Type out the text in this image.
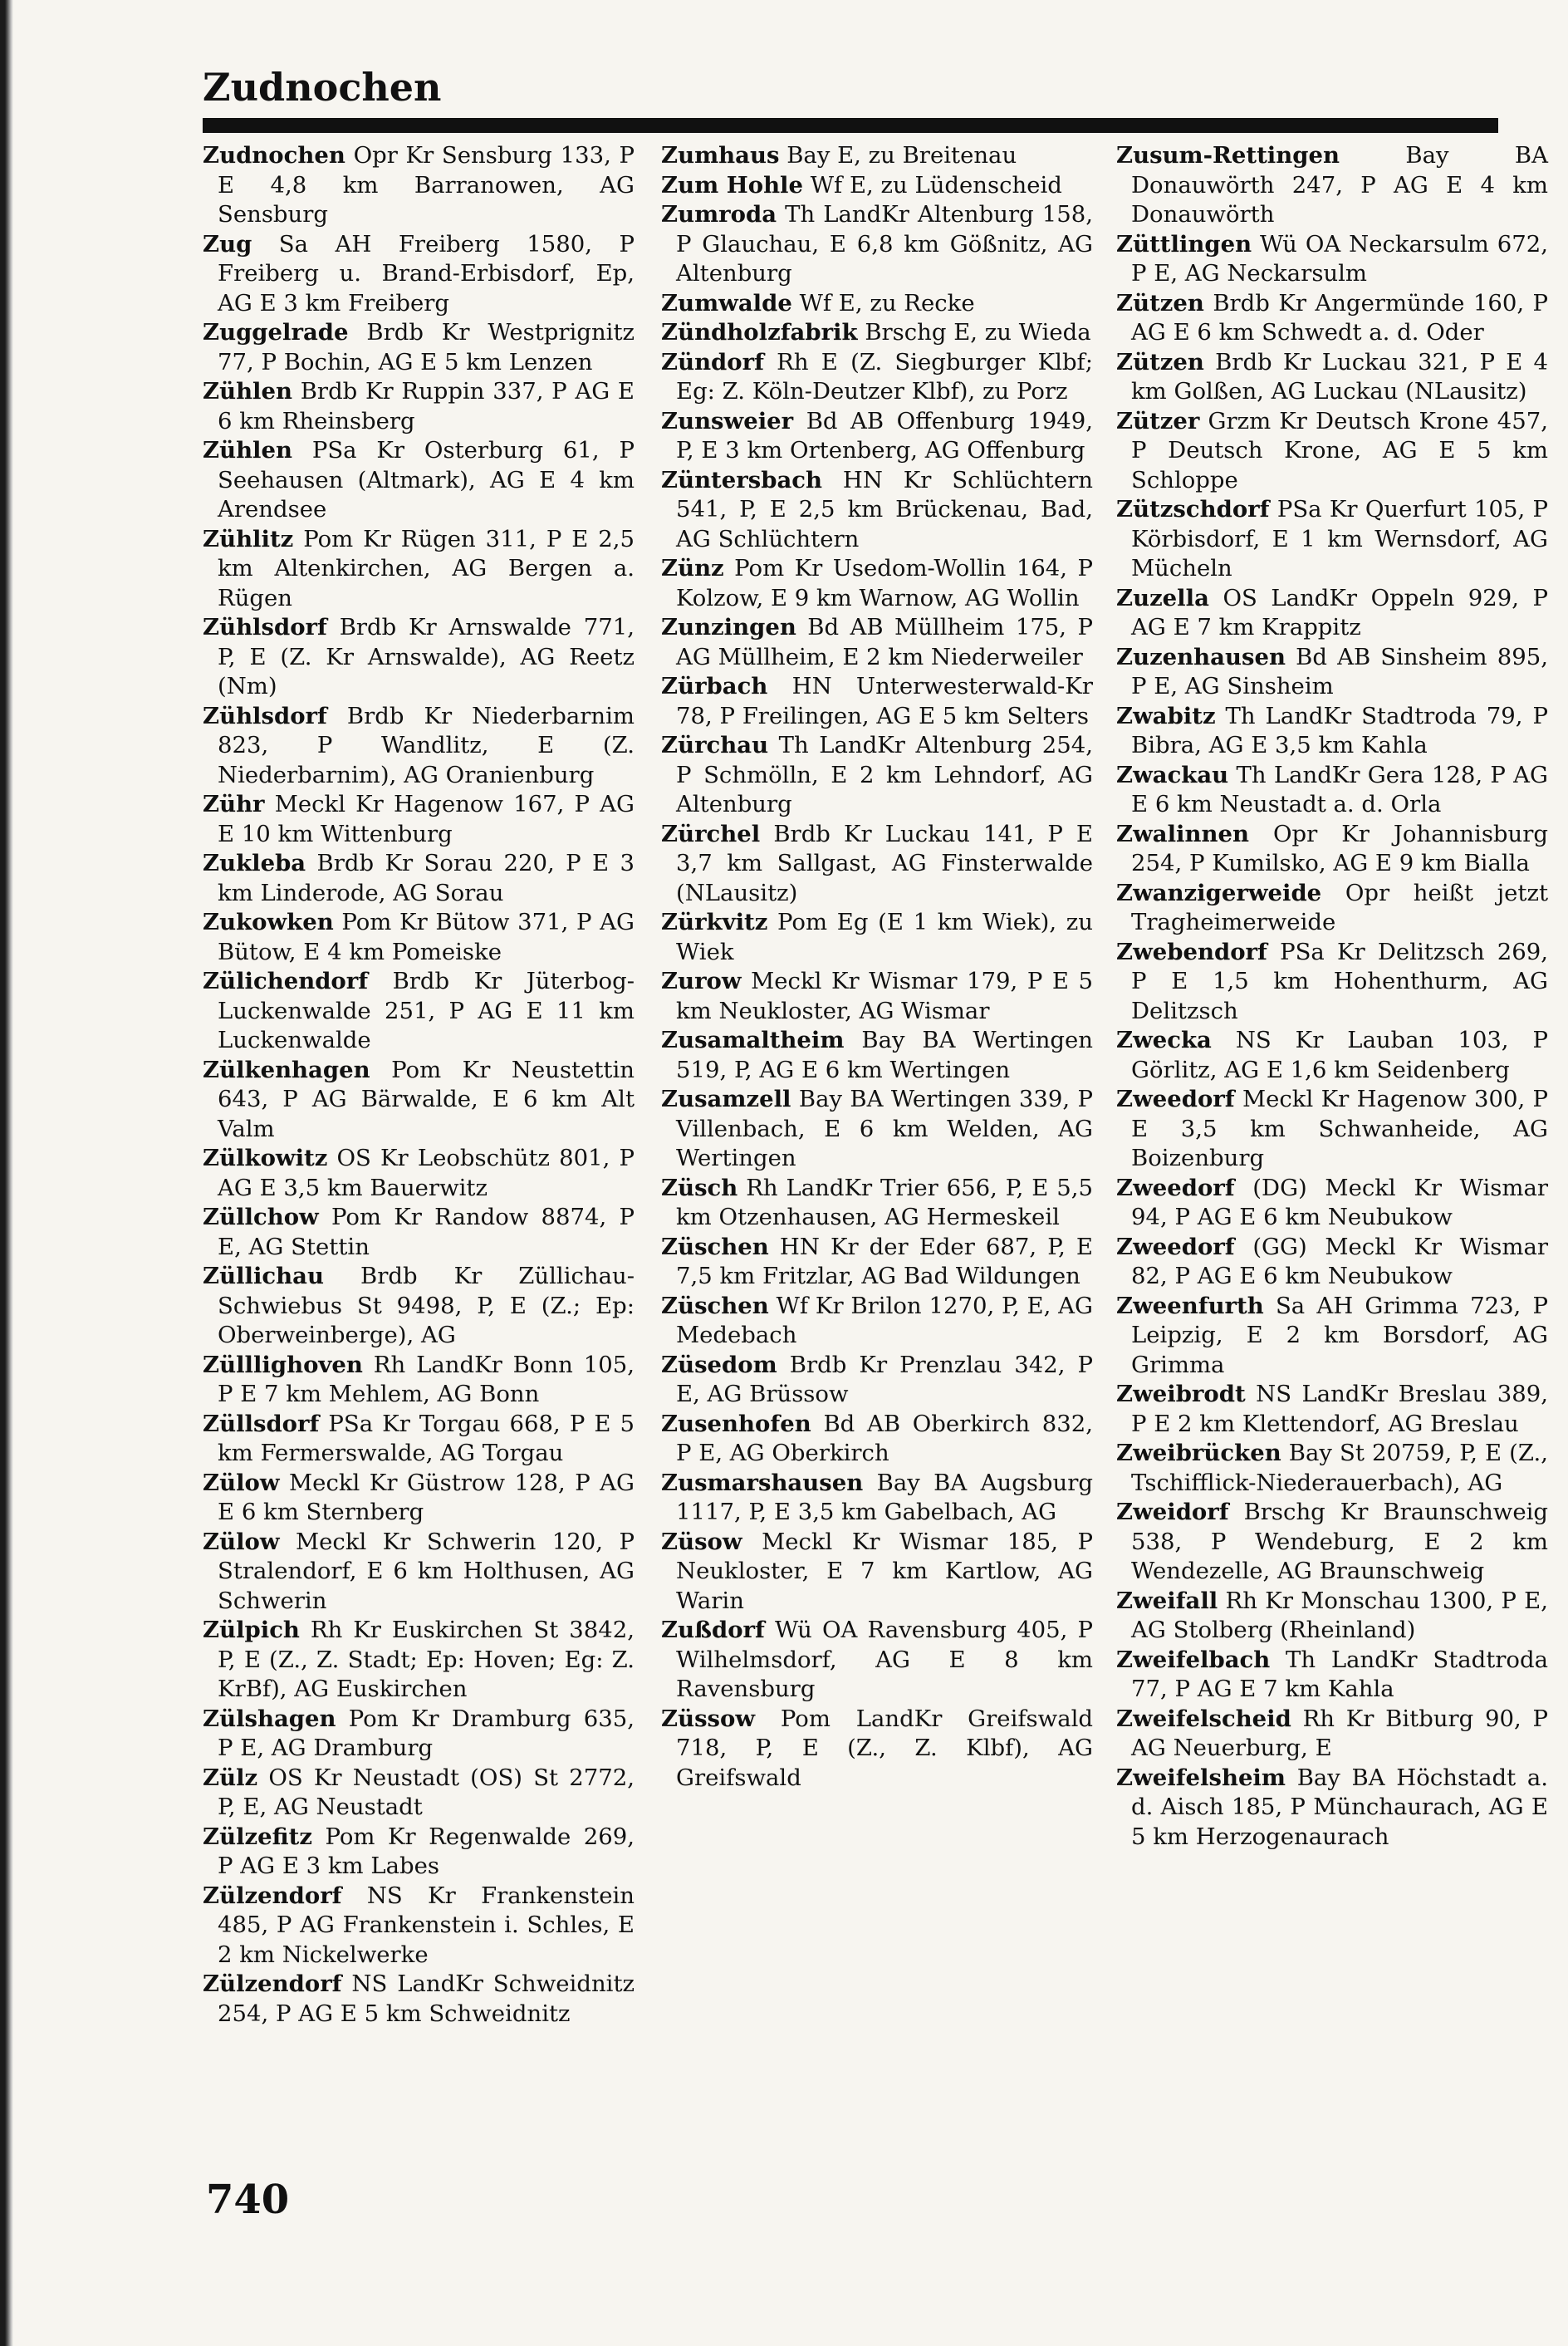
Zudnochen
Zudnochen Opr Kr Sensburg 133, P E 4,8 km Barranowen, AG Sensburg
Zug Sa AH Freiberg 1580, P Freiberg u. Brand-Erbisdorf, Ep, AG E 3 km Freiberg
Zuggelrade Brdb Kr Westprignitz 77, P Bochin, AG E 5 km Lenzen
Zühlen Brdb Kr Ruppin 337, P AG E 6 km Rheinsberg
Zühlen PSa Kr Osterburg 61, P Seehausen (Altmark), AG E 4 km Arendsee
Zühlitz Pom Kr Rügen 311, P E 2,5 km Altenkirchen, AG Bergen a. Rügen
Zühlsdorf Brdb Kr Arnswalde 771, P, E (Z. Kr Arnswalde), AG Reetz (Nm)
Zühlsdorf Brdb Kr Niederbarnim 823, P Wandlitz, E (Z. Niederbarnim), AG Oranienburg
Zühr Meckl Kr Hagenow 167, P AG E 10 km Wittenburg
Zukleba Brdb Kr Sorau 220, P E 3 km Linderode, AG Sorau
Zukowken Pom Kr Bütow 371, P AG Bütow, E 4 km Pomeiske
Zülichendorf Brdb Kr Jüterbog-Luckenwalde 251, P AG E 11 km Luckenwalde
Zülkenhagen Pom Kr Neustettin 643, P AG Bärwalde, E 6 km Alt Valm
Zülkowitz OS Kr Leobschütz 801, P AG E 3,5 km Bauerwitz
Züllchow Pom Kr Randow 8874, P E, AG Stettin
Züllichau Brdb Kr Züllichau-Schwiebus St 9498, P, E (Z.; Ep: Oberweinberge), AG
Zülllighoven Rh LandKr Bonn 105, P E 7 km Mehlem, AG Bonn
Züllsdorf PSa Kr Torgau 668, P E 5 km Fermerswalde, AG Torgau
Zülow Meckl Kr Güstrow 128, P AG E 6 km Sternberg
Zülow Meckl Kr Schwerin 120, P Stralendorf, E 6 km Holthusen, AG Schwerin
Zülpich Rh Kr Euskirchen St 3842, P, E (Z., Z. Stadt; Ep: Hoven; Eg: Z. KrBf), AG Euskirchen
Zülshagen Pom Kr Dramburg 635, P E, AG Dramburg
Zülz OS Kr Neustadt (OS) St 2772, P, E, AG Neustadt
Zülzefitz Pom Kr Regenwalde 269, P AG E 3 km Labes
Zülzendorf NS Kr Frankenstein 485, P AG Frankenstein i. Schles, E 2 km Nickelwerke
Zülzendorf NS LandKr Schweidnitz 254, P AG E 5 km Schweidnitz
Zumhaus Bay E, zu Breitenau
Zum Hohle Wf E, zu Lüdenscheid
Zumroda Th LandKr Altenburg 158, P Glauchau, E 6,8 km Gößnitz, AG Altenburg
Zumwalde Wf E, zu Recke
Zündholzfabrik Brschg E, zu Wieda
Zündorf Rh E (Z. Siegburger Klbf; Eg: Z. Köln-Deutzer Klbf), zu Porz
Zunsweier Bd AB Offenburg 1949, P, E 3 km Ortenberg, AG Offenburg
Züntersbach HN Kr Schlüchtern 541, P, E 2,5 km Brückenau, Bad, AG Schlüchtern
Zünz Pom Kr Usedom-Wollin 164, P Kolzow, E 9 km Warnow, AG Wollin
Zunzingen Bd AB Müllheim 175, P AG Müllheim, E 2 km Niederweiler
Zürbach HN Unterwesterwald-Kr 78, P Freilingen, AG E 5 km Selters
Zürchau Th LandKr Altenburg 254, P Schmölln, E 2 km Lehndorf, AG Altenburg
Zürchel Brdb Kr Luckau 141, P E 3,7 km Sallgast, AG Finsterwalde (NLausitz)
Zürkvitz Pom Eg (E 1 km Wiek), zu Wiek
Zurow Meckl Kr Wismar 179, P E 5 km Neukloster, AG Wismar
Zusamaltheim Bay BA Wertingen 519, P, AG E 6 km Wertingen
Zusamzell Bay BA Wertingen 339, P Villenbach, E 6 km Welden, AG Wertingen
Züsch Rh LandKr Trier 656, P, E 5,5 km Otzenhausen, AG Hermeskeil
Züschen HN Kr der Eder 687, P, E 7,5 km Fritzlar, AG Bad Wildungen
Züschen Wf Kr Brilon 1270, P, E, AG Medebach
Züsedom Brdb Kr Prenzlau 342, P E, AG Brüssow
Zusenhofen Bd AB Oberkirch 832, P E, AG Oberkirch
Zusmarshausen Bay BA Augsburg 1117, P, E 3,5 km Gabelbach, AG
Züsow Meckl Kr Wismar 185, P Neukloster, E 7 km Kartlow, AG Warin
Zußdorf Wü OA Ravensburg 405, P Wilhelmsdorf, AG E 8 km Ravensburg
Züssow Pom LandKr Greifswald 718, P, E (Z., Z. Klbf), AG Greifswald
Zusum-Rettingen	Bay BA Donauwörth 247, P AG E 4 km Donauwörth
Züttlingen Wü OA Neckarsulm 672, P E, AG Neckarsulm
Zützen Brdb Kr Angermünde 160, P AG E 6 km Schwedt a. d. Oder
Zützen Brdb Kr Luckau 321, P E 4 km Golßen, AG Luckau (NLausitz)
Zützer Grzm Kr Deutsch Krone 457, P Deutsch Krone, AG E 5 km Schloppe
Zützschdorf PSa Kr Querfurt 105, P Körbisdorf, E 1 km Wernsdorf, AG Mücheln
Zuzella OS LandKr Oppeln 929, P AG E 7 km Krappitz
Zuzenhausen Bd AB Sinsheim 895, P E, AG Sinsheim
Zwabitz Th LandKr Stadtroda 79, P Bibra, AG E 3,5 km Kahla
Zwackau Th LandKr Gera 128, P AG E 6 km Neustadt a. d. Orla
Zwalinnen Opr Kr Johannisburg 254, P Kumilsko, AG E 9 km Bialla
Zwanzigerweide Opr heißt jetzt Tragheimerweide
Zwebendorf PSa Kr Delitzsch 269, P E 1,5 km Hohenthurm, AG Delitzsch
Zwecka NS Kr Lauban 103, P Görlitz, AG E 1,6 km Seidenberg
Zweedorf Meckl Kr Hagenow 300, P E 3,5 km Schwanheide, AG Boizenburg
Zweedorf (DG) Meckl Kr Wismar 94, P AG E 6 km Neubukow
Zweedorf (GG) Meckl Kr Wismar 82, P AG E 6 km Neubukow
Zweenfurth Sa AH Grimma 723, P Leipzig, E 2 km Borsdorf, AG Grimma
Zweibrodt NS LandKr Breslau 389, P E 2 km Klettendorf, AG Breslau
Zweibrücken Bay St 20759, P, E (Z., Tschifflick-Niederauerbach), AG
Zweidorf Brschg Kr Braunschweig 538, P Wendeburg, E 2 km Wendezelle, AG Braunschweig
Zweifall Rh Kr Monschau 1300, P E, AG Stolberg (Rheinland)
Zweifelbach Th LandKr Stadtroda 77, P AG E 7 km Kahla
Zweifelscheid Rh Kr Bitburg 90, P AG Neuerburg, E
Zweifelsheim Bay BA Höchstadt a. d. Aisch 185, P Münchaurach, AG E 5 km Herzogenaurach
740
